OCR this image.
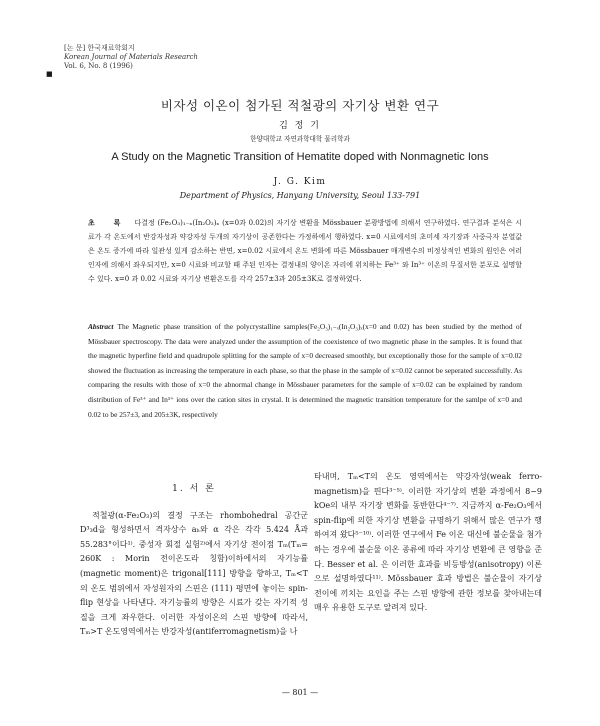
[논 문] 한국재료학회지
Korean Journal of Materials Research
Vol. 6, No. 8 (1996)
■
비자성 이온이 첨가된 적철광의 자기상 변환 연구
김 정 기
한양대학교 자연과학대학 물리학과
A Study on the Magnetic Transition of Hematite doped with Nonmagnetic Ions
J. G. Kim
Department of Physics, Hanyang University, Seoul 133-791
초 록 다결정 (Fe₂O₃)₁₋ₓ(In₂O₃)ₓ (x=0과 0.02)의 자기상 변환을 Mössbauer 분광방법에 의해서 연구하였다. 연구결과 분석은 시료가 각 온도에서 반강자성과 약강자성 두개의 자기상이 공존한다는 가정하에서 행하였다. x=0 시료에서의 초미세 자기장과 사중극자 분열값은 온도 증가에 따라 일관성 있게 감소하는 반면, x=0.02 시료에서 온도 변화에 따른 Mössbauer 매개변수의 비정상적인 변화의 원인은 여러인자에 의해서 좌우되지만, x=0 시료와 비교할 때 주된 인자는 결정내의 양이온 자리에 위치하는 Fe³⁺ 와 In³⁺ 이온의 무질서한 분포로 설명할 수 있다. x=0 과 0.02 시료와 자기상 변환온도를 각각 257±3과 205±3K로 결정하였다.
Abstract The Magnetic phase transition of the polycrystalline samples(Fe₂O₃)₁₋ₓ(In₂O₃)ₓ(x=0 and 0.02) has been studied by the method of Mössbauer spectroscopy. The data were analyzed under the assumption of the coexistence of two magnetic phase in the samples. It is found that the magnetic hyperfine field and quadrupole splitting for the sample of x=0 decreased smoothly, but exceptionally those for the sample of x=0.02 showed the fluctuation as increasing the temperature in each phase, so that the phase in the sample of x=0.02 cannot be seperated successfully. As comparing the results with those of x=0 the abnormal change in Mössbauer parameters for the sample of x=0.02 can be explained by random distribution of Fe³⁺ and In³⁺ ions over the cation sites in crystal. It is determined the magnetic transition temperature for the samlpe of x=0 and 0.02 to be 257±3, and 205±3K, respectively
1. 서 론

적철광(α-Fe₂O₃)의 결정 구조는 rhombohedral 공간군 D³₃d을 형성하면서 격자상수 aₕ와 α 각은 각각 5.424 Å과 55.283°이다¹⁾. 중성자 회절 실험²⁾에서 자기상 전이점 Tₘ(Tₘ= 260K : Morin 전이온도라 칭함)이하에서의 자기능률(magnetic moment)은 trigonal[111] 방향을 향하고, Tₘ<T의 온도 범위에서 자성원자의 스핀은 (111) 평면에 놓이는 spin-flip 현상을 나타낸다. 자기능률의 방향은 시료가 갖는 자기적 성질을 크게 좌우한다. 이러한 자성이온의 스핀 방향에 따라서, Tₘ>T 온도영역에서는 반강자성(antiferromagnetism)을 나

타내며, Tₘ<T의 온도 영역에서는 약강자성(weak ferro-magnetism)을 띈다³⁻⁵⁾. 이러한 자기상의 변환 과정에서 8~9 kOe의 내부 자기장 변화를 동반한다⁴⁻⁷⁾. 지금까지 α-Fe₂O₃에서 spin-flip에 의한 자기상 변환을 규명하기 위해서 많은 연구가 행하여져 왔다⁵⁻¹⁰⁾. 이러한 연구에서 Fe 이온 대신에 불순물을 첨가하는 경우에 불순물 이온 종류에 따라 자기상 변환에 큰 영향을 준다. Besser et al. 은 이러한 효과를 비등방성(anisotropy) 이론으로 설명하였다¹¹⁾. Mössbauer 효과 방법은 불순물이 자기상 전이에 끼치는 요인을 주는 스핀 방향에 관한 정보를 찾아내는데 매우 유용한 도구로 알려져 있다.

— 801 —
